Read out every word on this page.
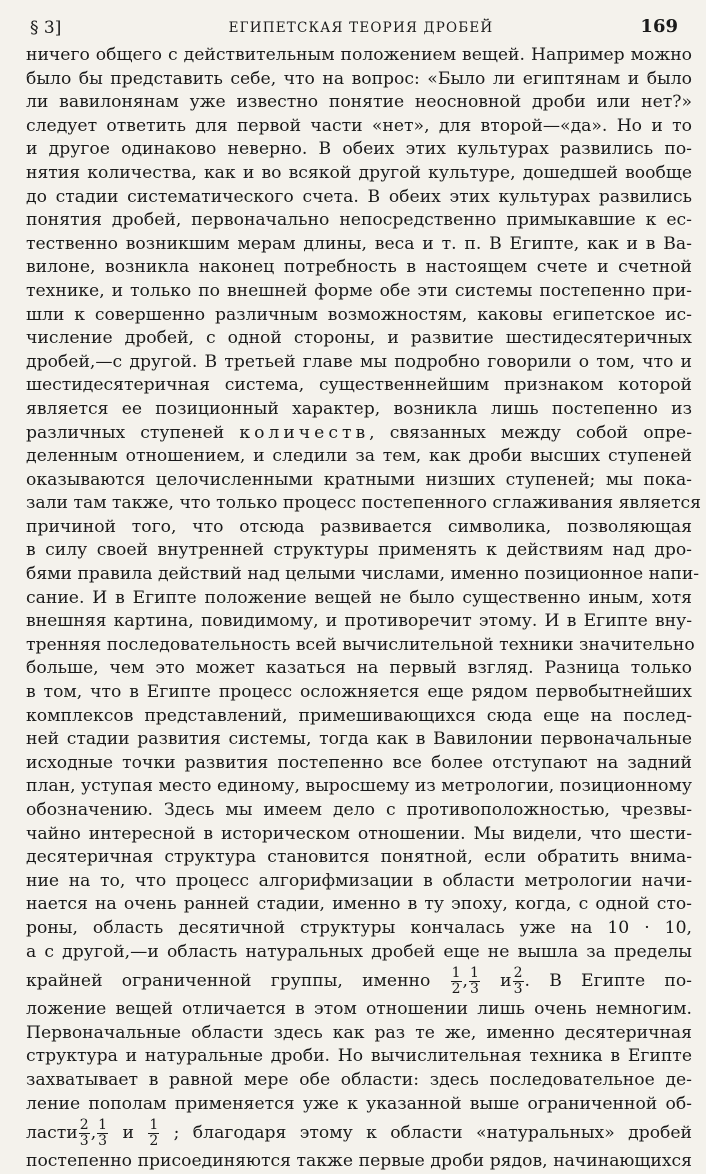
§ 3]	ЕГИПЕТСКАЯ ТЕОРИЯ ДРОБЕЙ	169
ничего общего с действительным положением вещей. Например можно
было бы представить себе, что на вопрос: «Было ли египтянам и было
ли вавилонянам уже известно понятие неосновной дроби или нет?»
следует ответить для первой части «нет», для второй—«да». Но и то
и другое одинаково неверно. В обеих этих культурах развились по-
нятия количества, как и во всякой другой культуре, дошедшей вообще
до стадии систематического счета. В обеих этих культурах развились
понятия дробей, первоначально непосредственно примыкавшие к ес-
тественно возникшим мерам длины, веса и т. п. В Египте, как и в Ва-
вилоне, возникла наконец потребность в настоящем счете и счетной
технике, и только по внешней форме обе эти системы постепенно при-
шли к совершенно различным возможностям, каковы египетское ис-
числение дробей, с одной стороны, и развитие шестидесятеричных
дробей,—с другой. В третьей главе мы подробно говорили о том, что и
шестидесятеричная система, существеннейшим признаком которой
является ее позиционный характер, возникла лишь постепенно из
различных ступеней количеств, связанных между собой опре-
деленным отношением, и следили за тем, как дроби высших ступеней
оказываются целочисленными кратными низших ступеней; мы пока-
зали там также, что только процесс постепенного сглаживания является
причиной того, что отсюда развивается символика, позволяющая
в силу своей внутренней структуры применять к действиям над дро-
бями правила действий над целыми числами, именно позиционное напи-
сание. И в Египте положение вещей не было существенно иным, хотя
внешняя картина, повидимому, и противоречит этому. И в Египте вну-
тренняя последовательность всей вычислительной техники значительно
больше, чем это может казаться на первый взгляд. Разница только
в том, что в Египте процесс осложняется еще рядом первобытнейших
комплексов представлений, примешивающихся сюда еще на послед-
ней стадии развития системы, тогда как в Вавилонии первоначальные
исходные точки развития постепенно все более отступают на задний
план, уступая место единому, выросшему из метрологии, позиционному
обозначению. Здесь мы имеем дело с противоположностью, чрезвы-
чайно интересной в историческом отношении. Мы видели, что шести-
десятеричная структура становится понятной, если обратить внима-
ние на то, что процесс алгорифмизации в области метрологии начи-
нается на очень ранней стадии, именно в ту эпоху, когда, с одной сто-
роны, область десятичной структуры кончалась уже на 10 · 10,
а с другой,—и область натуральных дробей еще не вышла за пределы
крайней ограниченной группы, именно $\frac{1}{2}$ , $\frac{1}{3}$ и $\frac{2}{3}$ . В Египте по-
ложение вещей отличается в этом отношении лишь очень немногим.
Первоначальные области здесь как раз те же, именно десятеричная
структура и натуральные дроби. Но вычислительная техника в Египте
захватывает в равной мере обе области: здесь последовательное де-
ление пополам применяется уже к указанной выше ограниченной об-
ласти $\frac{2}{3}$ , $\frac{1}{3}$ и $\frac{1}{2}$ ; благодаря этому к области «натуральных» дробей
постепенно присоединяются также первые дроби рядов, начинающихся
